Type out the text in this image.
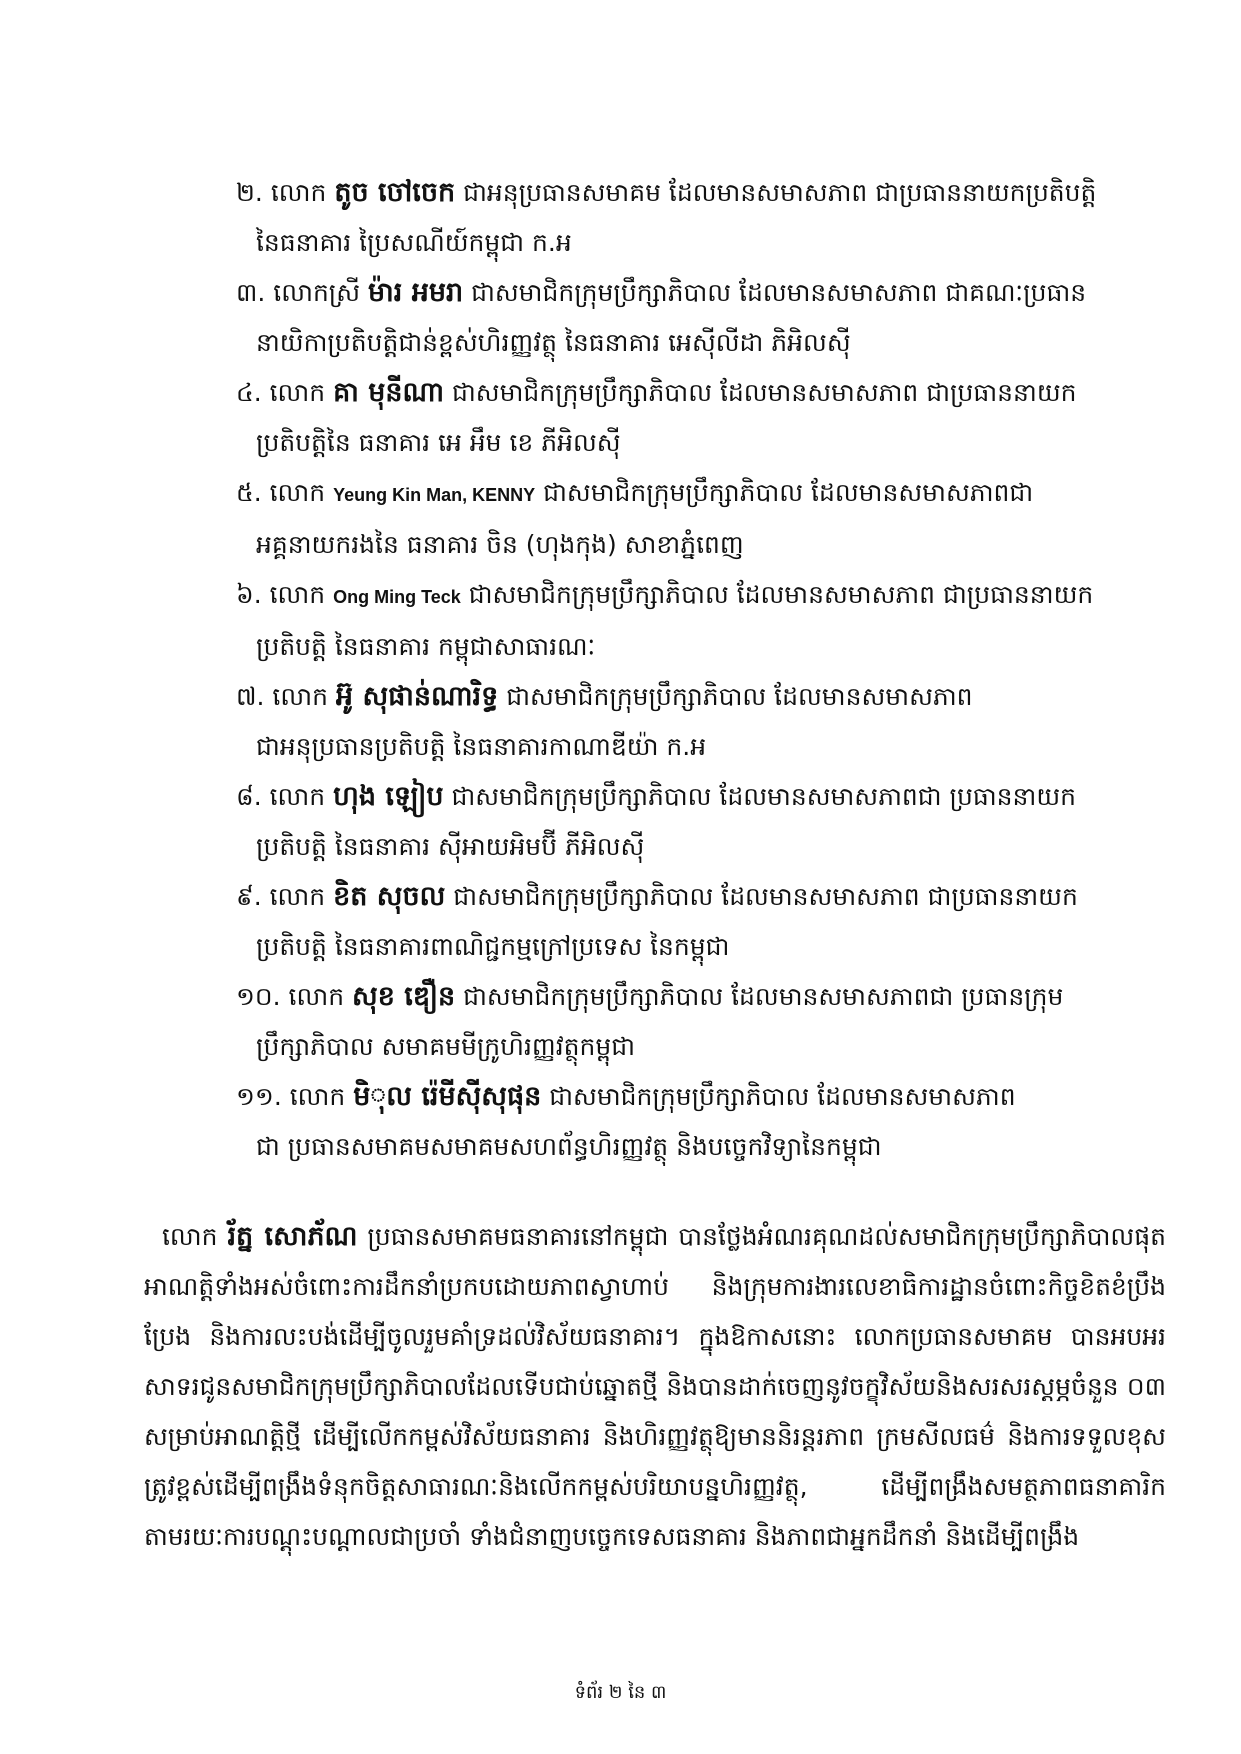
២. លោក តូច ចៅចេក ជាអនុប្រធានសមាគម ដែលមានសមាសភាព ជាប្រធាននាយកប្រតិបត្តិ
នៃធនាគារ ប្រៃសណីយ៍កម្ពុជា ក.អ
៣. លោកស្រី ម៉ារ អមរា ជាសមាជិកក្រុមប្រឹក្សាភិបាល ដែលមានសមាសភាព ជាគណៈប្រធាន
នាយិកាប្រតិបត្តិជាន់ខ្ពស់ហិរញ្ញវត្ថុ នៃធនាគារ អេស៊ីលីដា ភិអិលស៊ី
៤. លោក គា មុនីណា ជាសមាជិកក្រុមប្រឹក្សាភិបាល ដែលមានសមាសភាព ជាប្រធាននាយក
ប្រតិបត្តិនៃ ធនាគារ អេ អឹម ខេ ភីអិលស៊ី
៥. លោក Yeung Kin Man, KENNY ជាសមាជិកក្រុមប្រឹក្សាភិបាល ដែលមានសមាសភាពជា
អគ្គនាយករងនៃ ធនាគារ ចិន (ហុងកុង) សាខាភ្នំពេញ
៦. លោក Ong Ming Teck ជាសមាជិកក្រុមប្រឹក្សាភិបាល ដែលមានសមាសភាព ជាប្រធាននាយក
ប្រតិបត្តិ នៃធនាគារ កម្ពុជាសាធារណៈ
៧. លោក អ៊ូ សុផាន់ណារិទ្ធ ជាសមាជិកក្រុមប្រឹក្សាភិបាល ដែលមានសមាសភាព
ជាអនុប្រធានប្រតិបត្តិ នៃធនាគារកាណាឌីយ៉ា ក.អ
៨. លោក ហុង ឡៀប ជាសមាជិកក្រុមប្រឹក្សាភិបាល ដែលមានសមាសភាពជា ប្រធាននាយក
ប្រតិបត្តិ នៃធនាគារ ស៊ីអាយអិមប៊ី ភីអិលស៊ី
៩. លោក ខិត សុចល ជាសមាជិកក្រុមប្រឹក្សាភិបាល ដែលមានសមាសភាព ជាប្រធាននាយក
ប្រតិបត្តិ នៃធនាគារពាណិជ្ជកម្មក្រៅប្រទេស នៃកម្ពុជា
១០. លោក សុខ ឌឿន ជាសមាជិកក្រុមប្រឹក្សាភិបាល ដែលមានសមាសភាពជា ប្រធានក្រុម
ប្រឹក្សាភិបាល សមាគមមីក្រូហិរញ្ញវត្ថុកម្ពុជា
១១. លោក មិុល រ៉េមីស៊ីសុផុន ជាសមាជិកក្រុមប្រឹក្សាភិបាល ដែលមានសមាសភាព
ជា ប្រធានសមាគមសមាគមសហព័ន្ធហិរញ្ញវត្ថុ និងបច្ចេកវិទ្យានៃកម្ពុជា

លោក រ័ត្ន សោភ័ណ ប្រធានសមាគមធនាគារនៅកម្ពុជា បានថ្លែងអំណរគុណដល់សមាជិកក្រុមប្រឹក្សាភិបាលផុតអាណត្តិទាំងអស់ចំពោះការដឹកនាំប្រកបដោយភាពស្វាហាប់ និងក្រុមការងារលេខាធិការដ្ឋានចំពោះកិច្ចខិតខំប្រឹងប្រែង និងការលះបង់ដើម្បីចូលរួមគាំទ្រដល់វិស័យធនាគារ។ ក្នុងឱកាសនោះ លោកប្រធានសមាគម បានអបអរសាទរជូនសមាជិកក្រុមប្រឹក្សាភិបាលដែលទើបជាប់ឆ្នោតថ្មី និងបានដាក់ចេញនូវចក្ខុវិស័យនិងសរសរស្តម្ភចំនួន ០៣ សម្រាប់អាណត្តិថ្មី ដើម្បីលើកកម្ពស់វិស័យធនាគារ និងហិរញ្ញវត្ថុឱ្យមាននិរន្តរភាព ក្រមសីលធម៌ និងការទទួលខុសត្រូវខ្ពស់ដើម្បីពង្រឹងទំនុកចិត្តសាធារណៈនិងលើកកម្ពស់បរិយាបន្នហិរញ្ញវត្ថុ, ដើម្បីពង្រឹងសមត្ថភាពធនាគារិកតាមរយៈការបណ្តុះបណ្តាលជាប្រចាំ ទាំងជំនាញបច្ចេកទេសធនាគារ និងភាពជាអ្នកដឹកនាំ និងដើម្បីពង្រឹង

ទំព័រ ២ នៃ ៣
